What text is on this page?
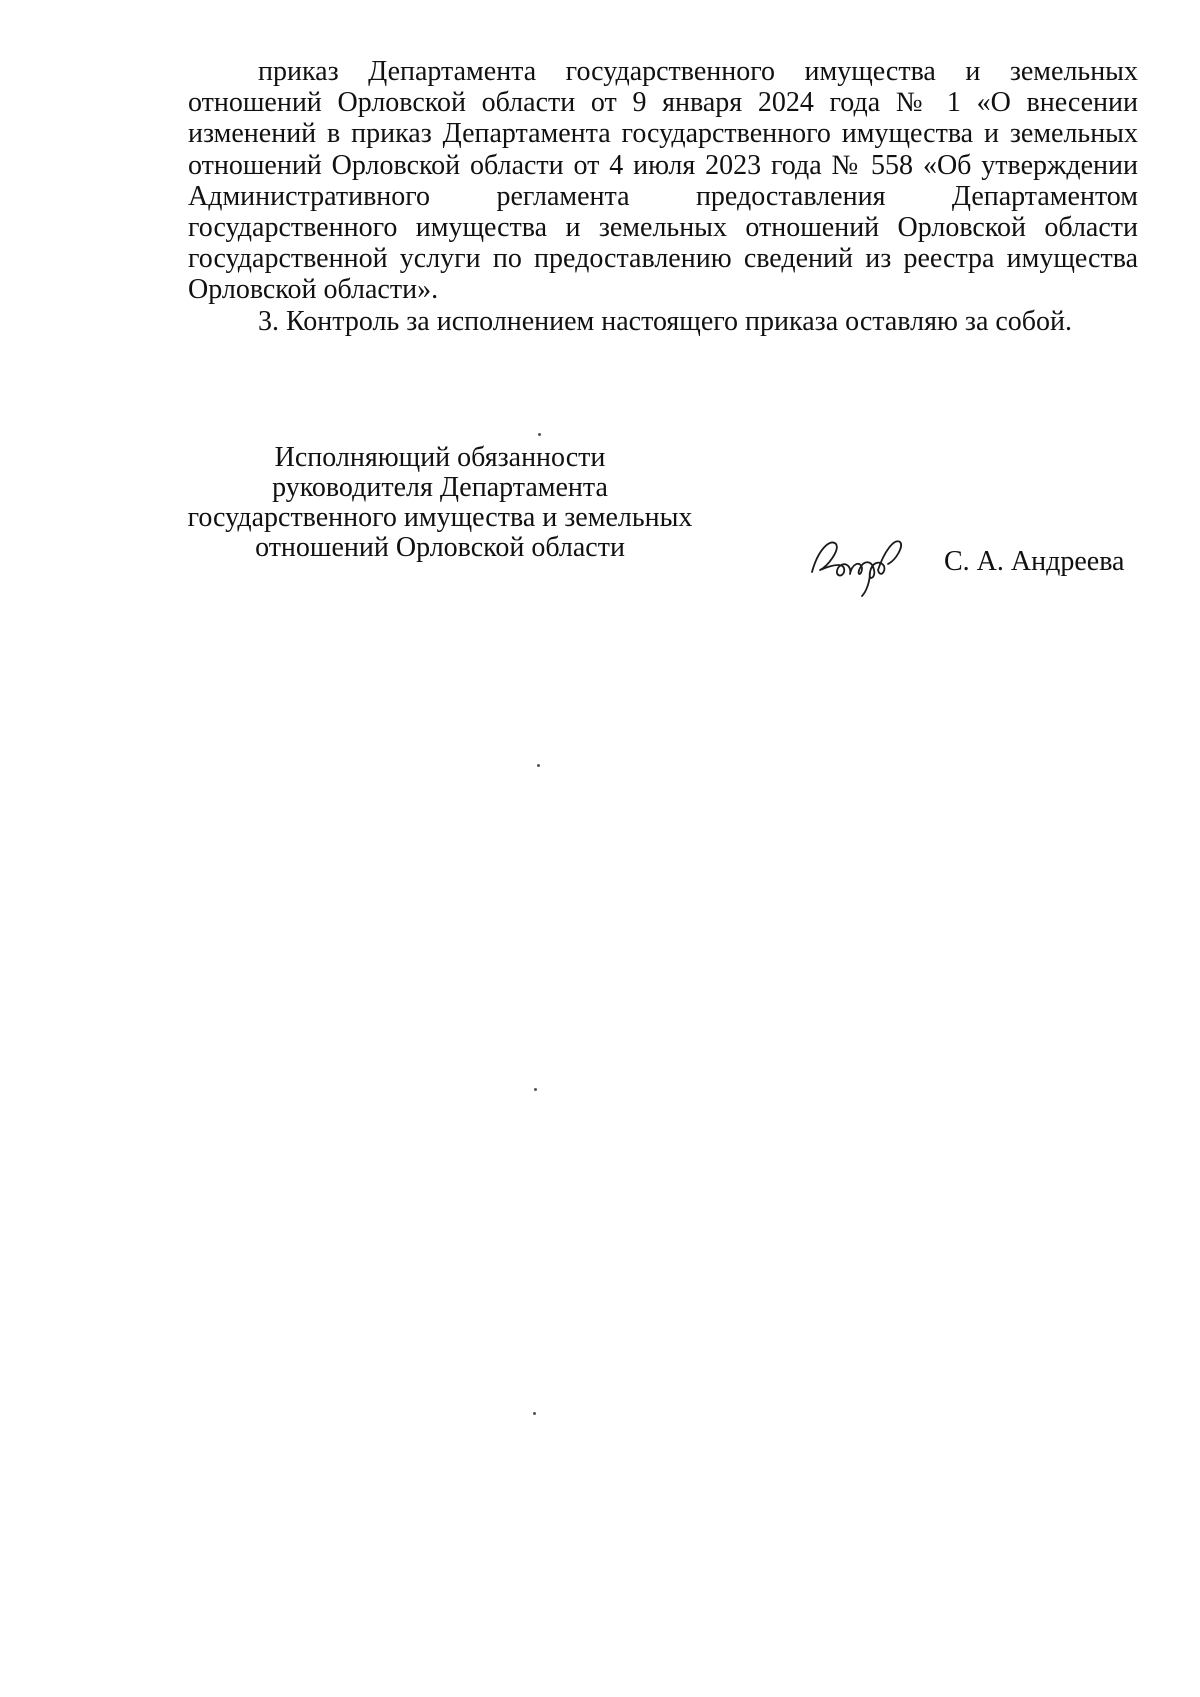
приказ Департамента государственного имущества и земельных отношений Орловской области от 9 января 2024 года № 1 «О внесении изменений в приказ Департамента государственного имущества и земельных отношений Орловской области от 4 июля 2023 года № 558 «Об утверждении Административного регламента предоставления Департаментом государственного имущества и земельных отношений Орловской области государственной услуги по предоставлению сведений из реестра имущества Орловской области».

3. Контроль за исполнением настоящего приказа оставляю за собой.

Исполняющий обязанности
руководителя Департамента
государственного имущества и земельных
отношений Орловской области	С. А. Андреева
